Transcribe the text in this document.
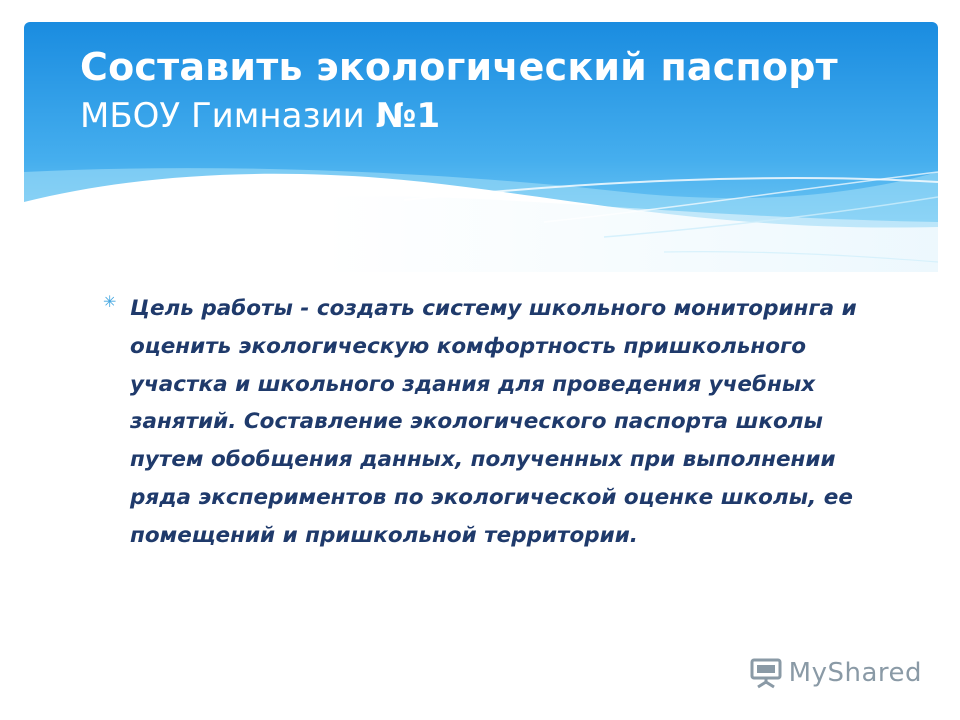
Составить экологический паспорт
МБОУ Гимназии №1
✳ Цель работы - создать систему школьного мониторинга и оценить экологическую комфортность пришкольного участка и школьного здания для проведения учебных занятий. Составление экологического паспорта школы путем обобщения данных, полученных при выполнении ряда экспериментов по экологической оценке школы, ее помещений и пришкольной территории.
MyShared
